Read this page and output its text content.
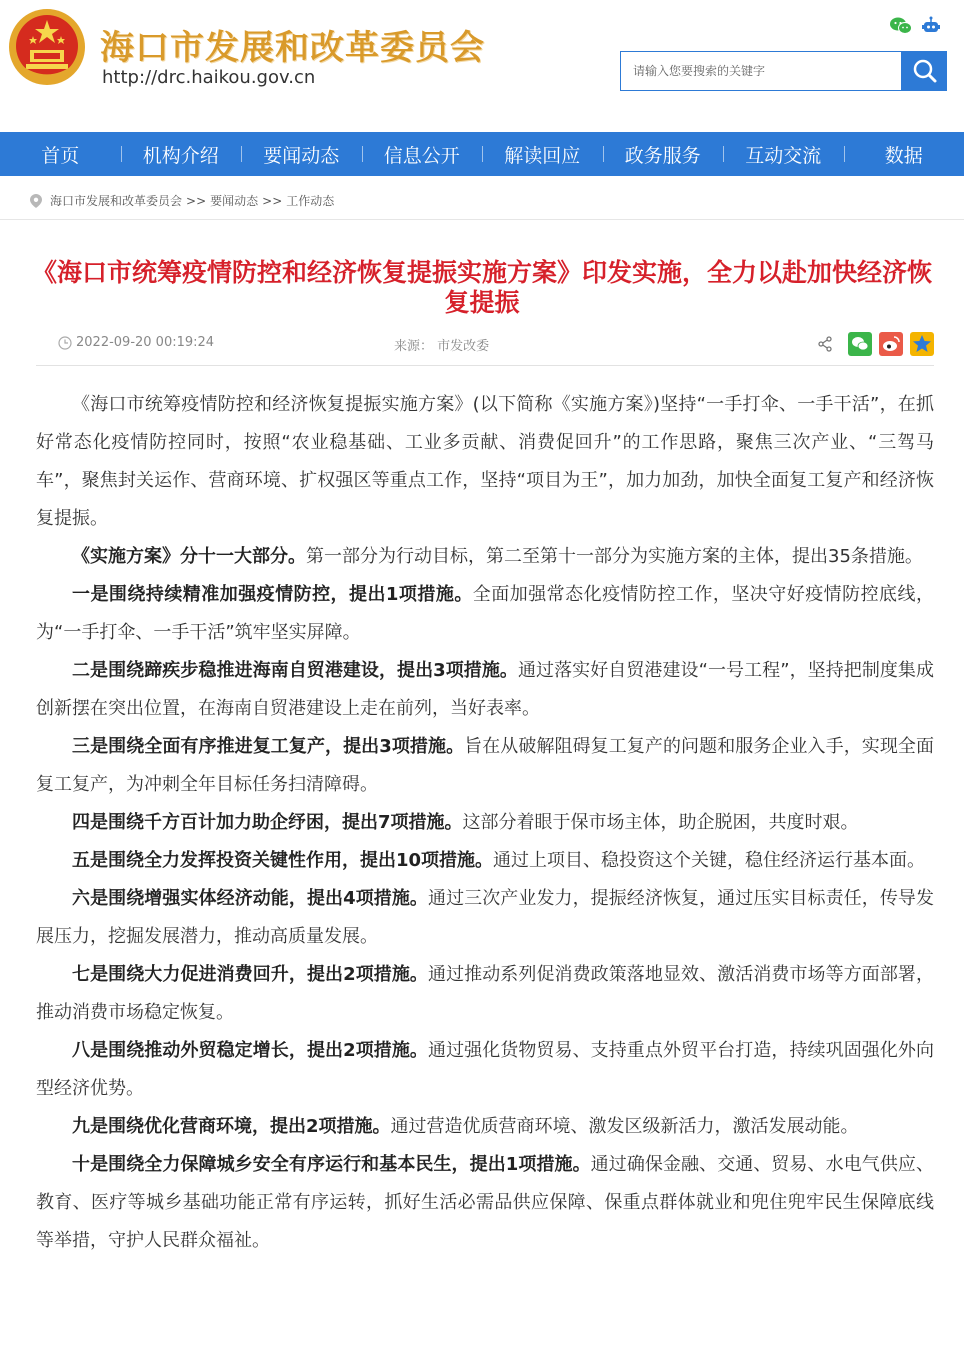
海口市发展和改革委员会
http://drc.haikou.gov.cn
请输入您要搜索的关键字
首页	机构介绍	要闻动态	信息公开	解读回应	政务服务	互动交流	数据
海口市发展和改革委员会 >> 要闻动态 >> 工作动态
《海口市统筹疫情防控和经济恢复提振实施方案》印发实施，全力以赴加快经济恢复提振
2022-09-20 00:19:24	来源： 市发改委

《海口市统筹疫情防控和经济恢复提振实施方案》(以下简称《实施方案》)坚持“一手打伞、一手干活”，在抓好常态化疫情防控同时，按照“农业稳基础、工业多贡献、消费促回升”的工作思路，聚焦三次产业、“三驾马车”，聚焦封关运作、营商环境、扩权强区等重点工作，坚持“项目为王”，加力加劲，加快全面复工复产和经济恢复提振。

《实施方案》分十一大部分。第一部分为行动目标，第二至第十一部分为实施方案的主体，提出35条措施。

一是围绕持续精准加强疫情防控，提出1项措施。全面加强常态化疫情防控工作，坚决守好疫情防控底线，为“一手打伞、一手干活”筑牢坚实屏障。

二是围绕蹄疾步稳推进海南自贸港建设，提出3项措施。通过落实好自贸港建设“一号工程”，坚持把制度集成创新摆在突出位置，在海南自贸港建设上走在前列，当好表率。

三是围绕全面有序推进复工复产，提出3项措施。旨在从破解阻碍复工复产的问题和服务企业入手，实现全面复工复产，为冲刺全年目标任务扫清障碍。

四是围绕千方百计加力助企纾困，提出7项措施。这部分着眼于保市场主体，助企脱困，共度时艰。

五是围绕全力发挥投资关键性作用，提出10项措施。通过上项目、稳投资这个关键，稳住经济运行基本面。

六是围绕增强实体经济动能，提出4项措施。通过三次产业发力，提振经济恢复，通过压实目标责任，传导发展压力，挖掘发展潜力，推动高质量发展。

七是围绕大力促进消费回升，提出2项措施。通过推动系列促消费政策落地显效、激活消费市场等方面部署，推动消费市场稳定恢复。

八是围绕推动外贸稳定增长，提出2项措施。通过强化货物贸易、支持重点外贸平台打造，持续巩固强化外向型经济优势。

九是围绕优化营商环境，提出2项措施。通过营造优质营商环境、激发区级新活力，激活发展动能。

十是围绕全力保障城乡安全有序运行和基本民生，提出1项措施。通过确保金融、交通、贸易、水电气供应、教育、医疗等城乡基础功能正常有序运转，抓好生活必需品供应保障、保重点群体就业和兜住兜牢民生保障底线等举措，守护人民群众福祉。
